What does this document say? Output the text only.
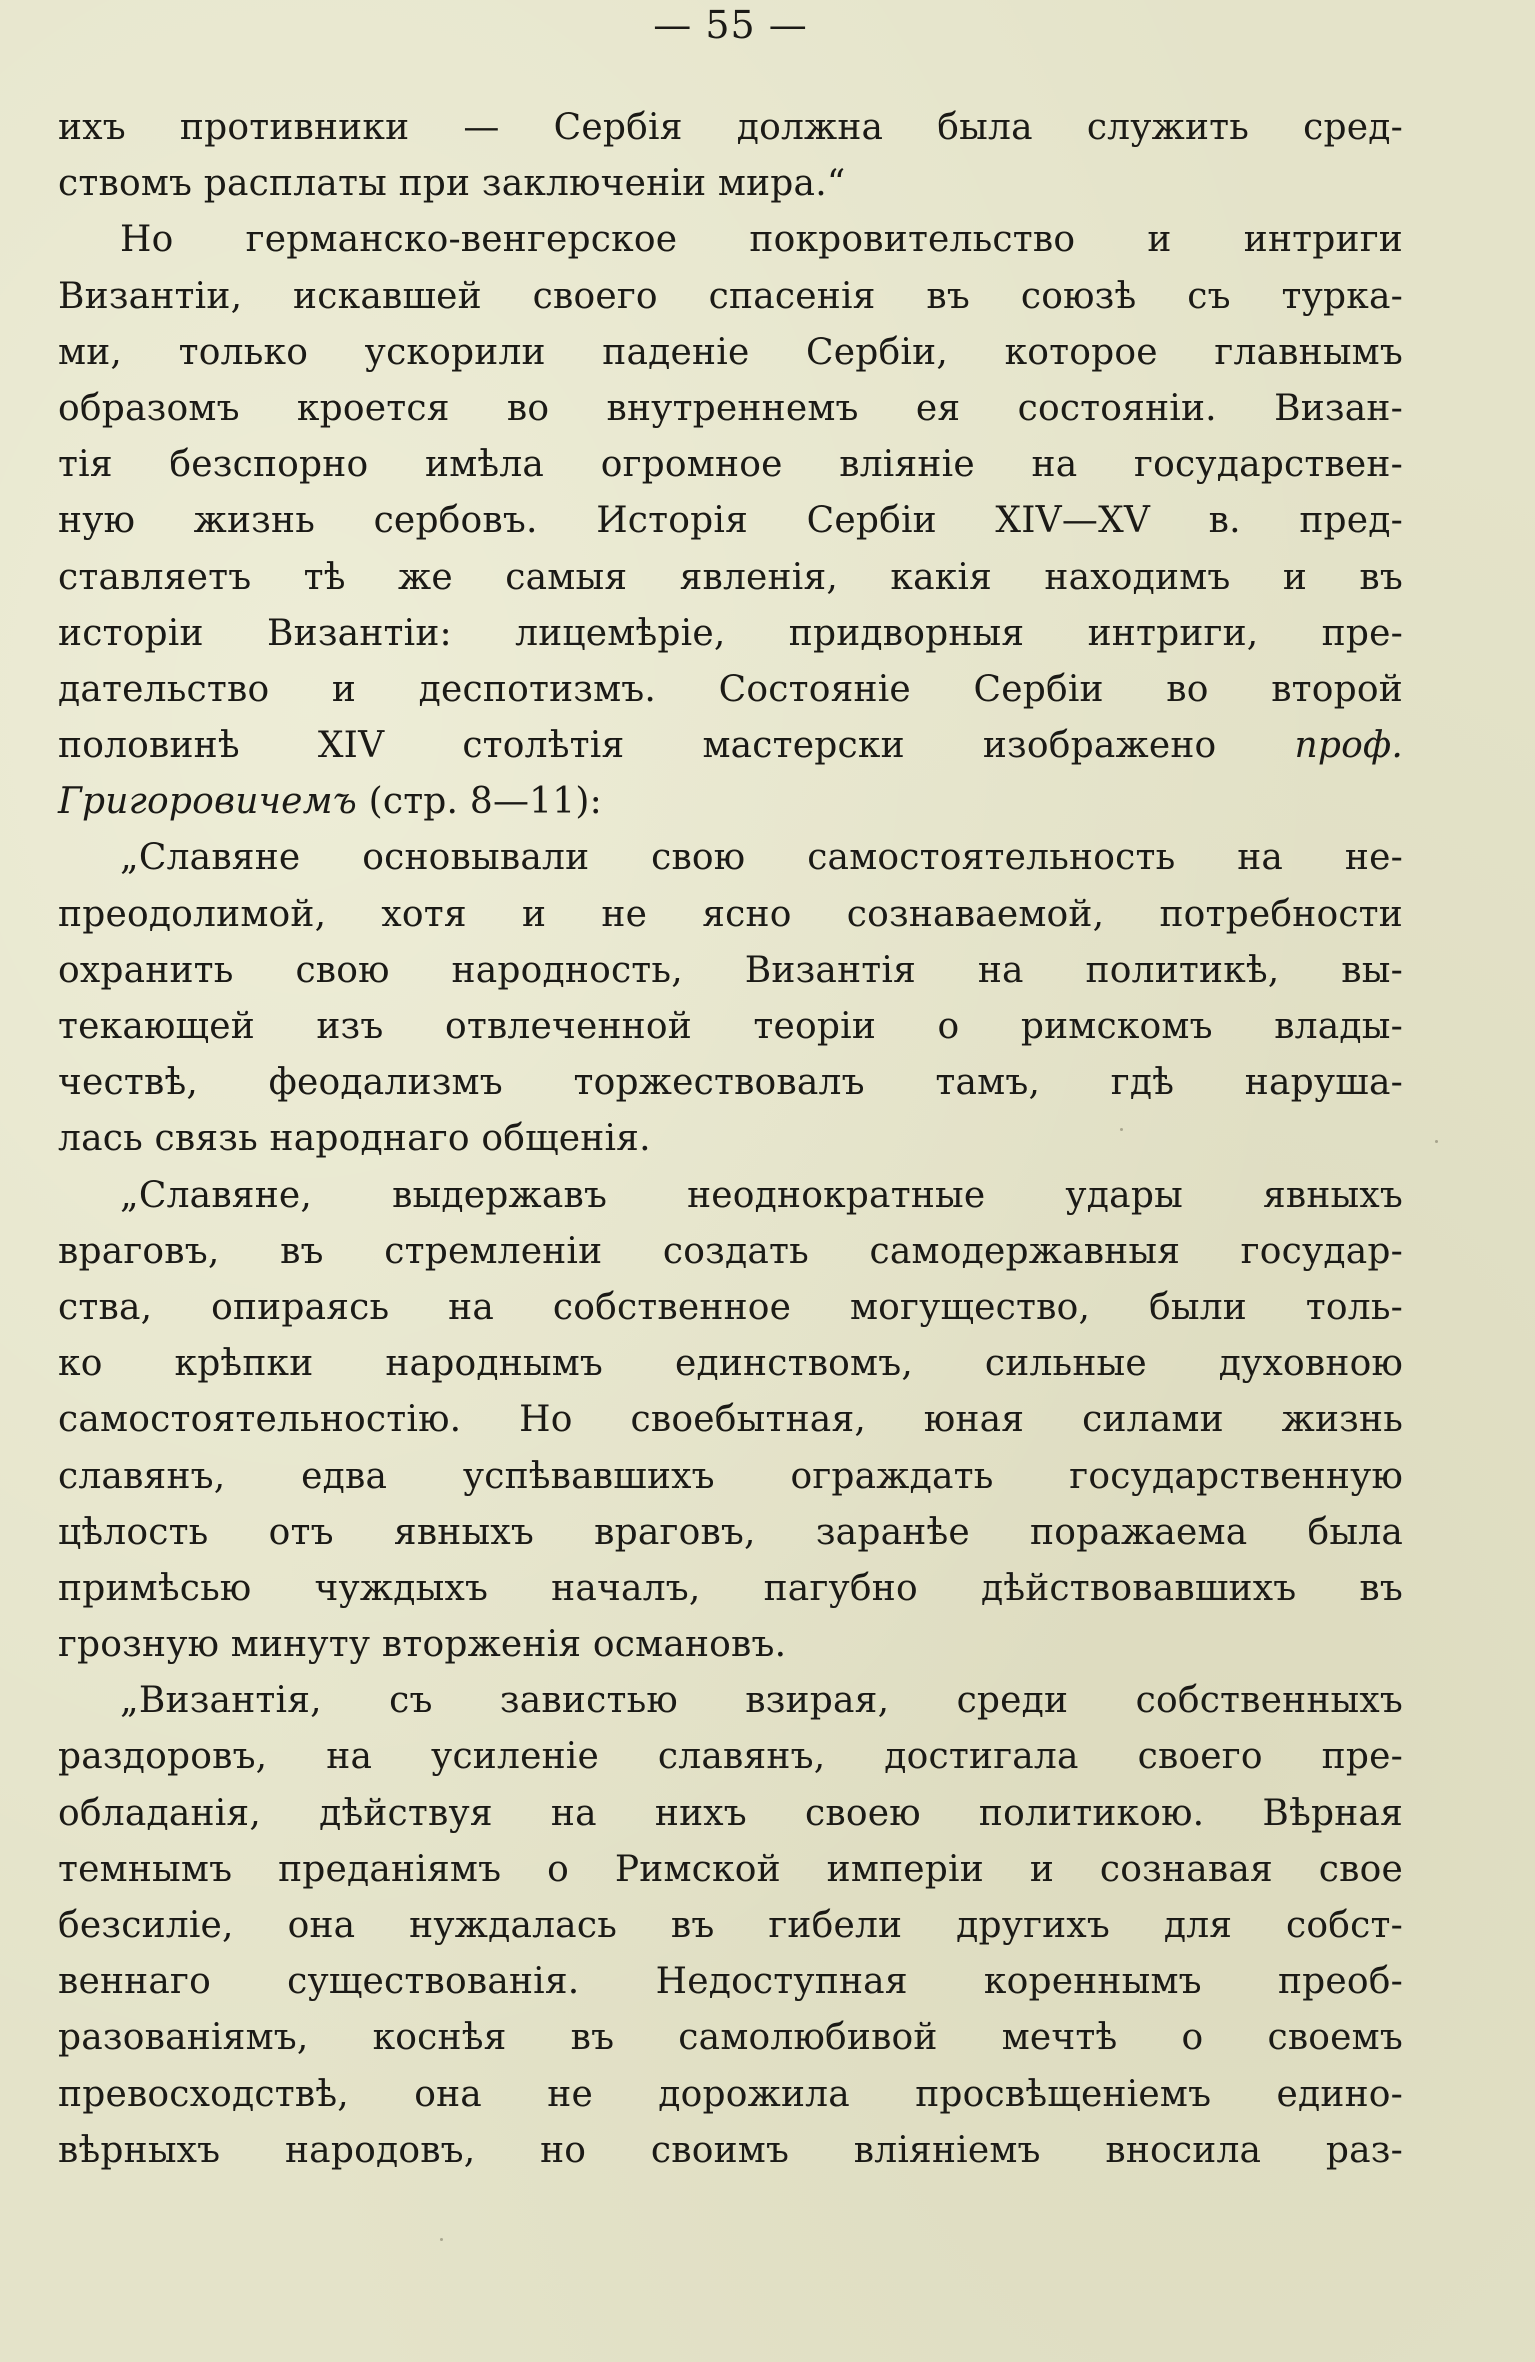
— 55 —
ихъ противники — Сербія должна была служить сред-
ствомъ расплаты при заключеніи мира.“
Но германско-венгерское покровительство и интриги
Византіи, искавшей своего спасенія въ союзѣ съ турка-
ми, только ускорили паденіе Сербіи, которое главнымъ
образомъ кроется во внутреннемъ ея состояніи. Визан-
тія безспорно имѣла огромное вліяніе на государствен-
ную жизнь сербовъ. Исторія Сербіи XIV—XV в. пред-
ставляетъ тѣ же самыя явленія, какія находимъ и въ
исторіи Византіи: лицемѣріе, придворныя интриги, пре-
дательство и деспотизмъ. Состояніе Сербіи во второй
половинѣ XIV столѣтія мастерски изображено проф.
Григоровичемъ (стр. 8—11):
„Славяне основывали свою самостоятельность на не-
преодолимой, хотя и не ясно сознаваемой, потребности
охранить свою народность, Византія на политикѣ, вы-
текающей изъ отвлеченной теоріи о римскомъ влады-
чествѣ, феодализмъ торжествовалъ тамъ, гдѣ наруша-
лась связь народнаго общенія.
„Славяне, выдержавъ неоднократные удары явныхъ
враговъ, въ стремленіи создать самодержавныя государ-
ства, опираясь на собственное могущество, были толь-
ко крѣпки народнымъ единствомъ, сильные духовною
самостоятельностію. Но своебытная, юная силами жизнь
славянъ, едва успѣвавшихъ ограждать государственную
цѣлость отъ явныхъ враговъ, заранѣе поражаема была
примѣсью чуждыхъ началъ, пагубно дѣйствовавшихъ въ
грозную минуту вторженія османовъ.
„Византія, съ завистью взирая, среди собственныхъ
раздоровъ, на усиленіе славянъ, достигала своего пре-
обладанія, дѣйствуя на нихъ своею политикою. Вѣрная
темнымъ преданіямъ о Римской имперіи и сознавая свое
безсиліе, она нуждалась въ гибели другихъ для собст-
веннаго существованія. Недоступная кореннымъ преоб-
разованіямъ, коснѣя въ самолюбивой мечтѣ о своемъ
превосходствѣ, она не дорожила просвѣщеніемъ едино-
вѣрныхъ народовъ, но своимъ вліяніемъ вносила раз-
